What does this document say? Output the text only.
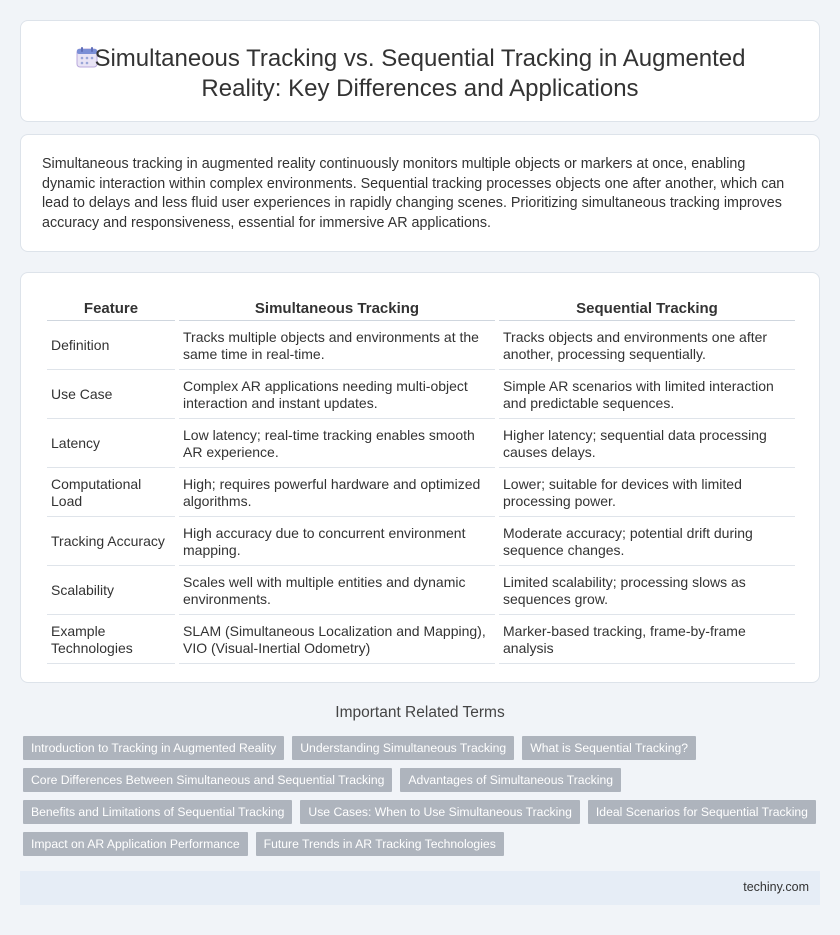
Simultaneous Tracking vs. Sequential Tracking in Augmented Reality: Key Differences and Applications

Simultaneous tracking in augmented reality continuously monitors multiple objects or markers at once, enabling dynamic interaction within complex environments. Sequential tracking processes objects one after another, which can lead to delays and less fluid user experiences in rapidly changing scenes. Prioritizing simultaneous tracking improves accuracy and responsiveness, essential for immersive AR applications.

Feature	Simultaneous Tracking	Sequential Tracking
Definition	Tracks multiple objects and environments at the same time in real-time.	Tracks objects and environments one after another, processing sequentially.
Use Case	Complex AR applications needing multi-object interaction and instant updates.	Simple AR scenarios with limited interaction and predictable sequences.
Latency	Low latency; real-time tracking enables smooth AR experience.	Higher latency; sequential data processing causes delays.
Computational Load	High; requires powerful hardware and optimized algorithms.	Lower; suitable for devices with limited processing power.
Tracking Accuracy	High accuracy due to concurrent environment mapping.	Moderate accuracy; potential drift during sequence changes.
Scalability	Scales well with multiple entities and dynamic environments.	Limited scalability; processing slows as sequences grow.
Example Technologies	SLAM (Simultaneous Localization and Mapping), VIO (Visual-Inertial Odometry)	Marker-based tracking, frame-by-frame analysis
Important Related Terms
Introduction to Tracking in Augmented Reality	Understanding Simultaneous Tracking	What is Sequential Tracking?
Core Differences Between Simultaneous and Sequential Tracking	Advantages of Simultaneous Tracking
Benefits and Limitations of Sequential Tracking	Use Cases: When to Use Simultaneous Tracking	Ideal Scenarios for Sequential Tracking
Impact on AR Application Performance	Future Trends in AR Tracking Technologies
techiny.com
